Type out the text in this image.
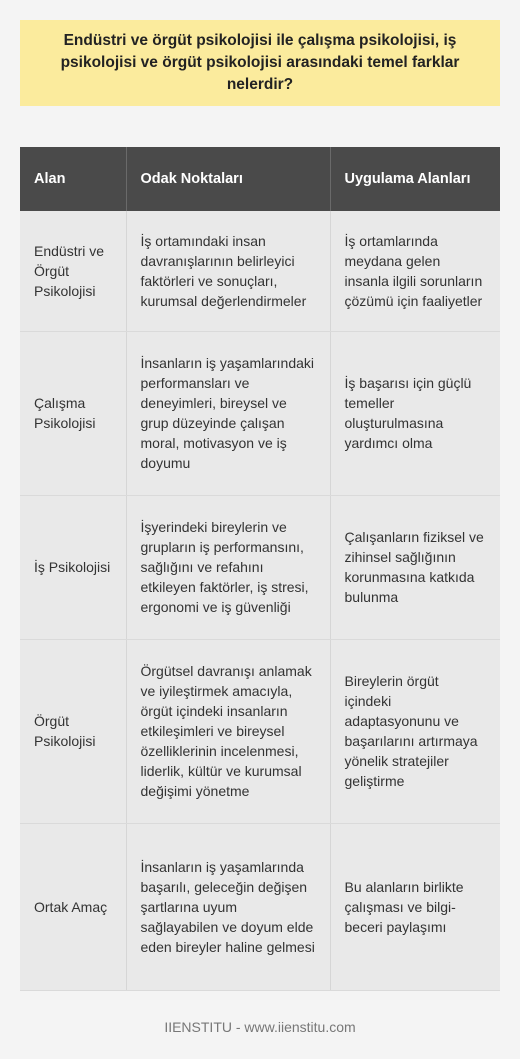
Endüstri ve örgüt psikolojisi ile çalışma psikolojisi, iş psikolojisi ve örgüt psikolojisi arasındaki temel farklar nelerdir?
Alan	Odak Noktaları	Uygulama Alanları
Endüstri ve Örgüt Psikolojisi	İş ortamındaki insan davranışlarının belirleyici faktörleri ve sonuçları, kurumsal değerlendirmeler	İş ortamlarında meydana gelen insanla ilgili sorunların çözümü için faaliyetler
Çalışma Psikolojisi	İnsanların iş yaşamlarındaki performansları ve deneyimleri, bireysel ve grup düzeyinde çalışan moral, motivasyon ve iş doyumu	İş başarısı için güçlü temeller oluşturulmasına yardımcı olma
İş Psikolojisi	İşyerindeki bireylerin ve grupların iş performansını, sağlığını ve refahını etkileyen faktörler, iş stresi, ergonomi ve iş güvenliği	Çalışanların fiziksel ve zihinsel sağlığının korunmasına katkıda bulunma
Örgüt Psikolojisi	Örgütsel davranışı anlamak ve iyileştirmek amacıyla, örgüt içindeki insanların etkileşimleri ve bireysel özelliklerinin incelenmesi, liderlik, kültür ve kurumsal değişimi yönetme	Bireylerin örgüt içindeki adaptasyonunu ve başarılarını artırmaya yönelik stratejiler geliştirme
Ortak Amaç	İnsanların iş yaşamlarında başarılı, geleceğin değişen şartlarına uyum sağlayabilen ve doyum elde eden bireyler haline gelmesi	Bu alanların birlikte çalışması ve bilgi-beceri paylaşımı
IIENSTITU - www.iienstitu.com
